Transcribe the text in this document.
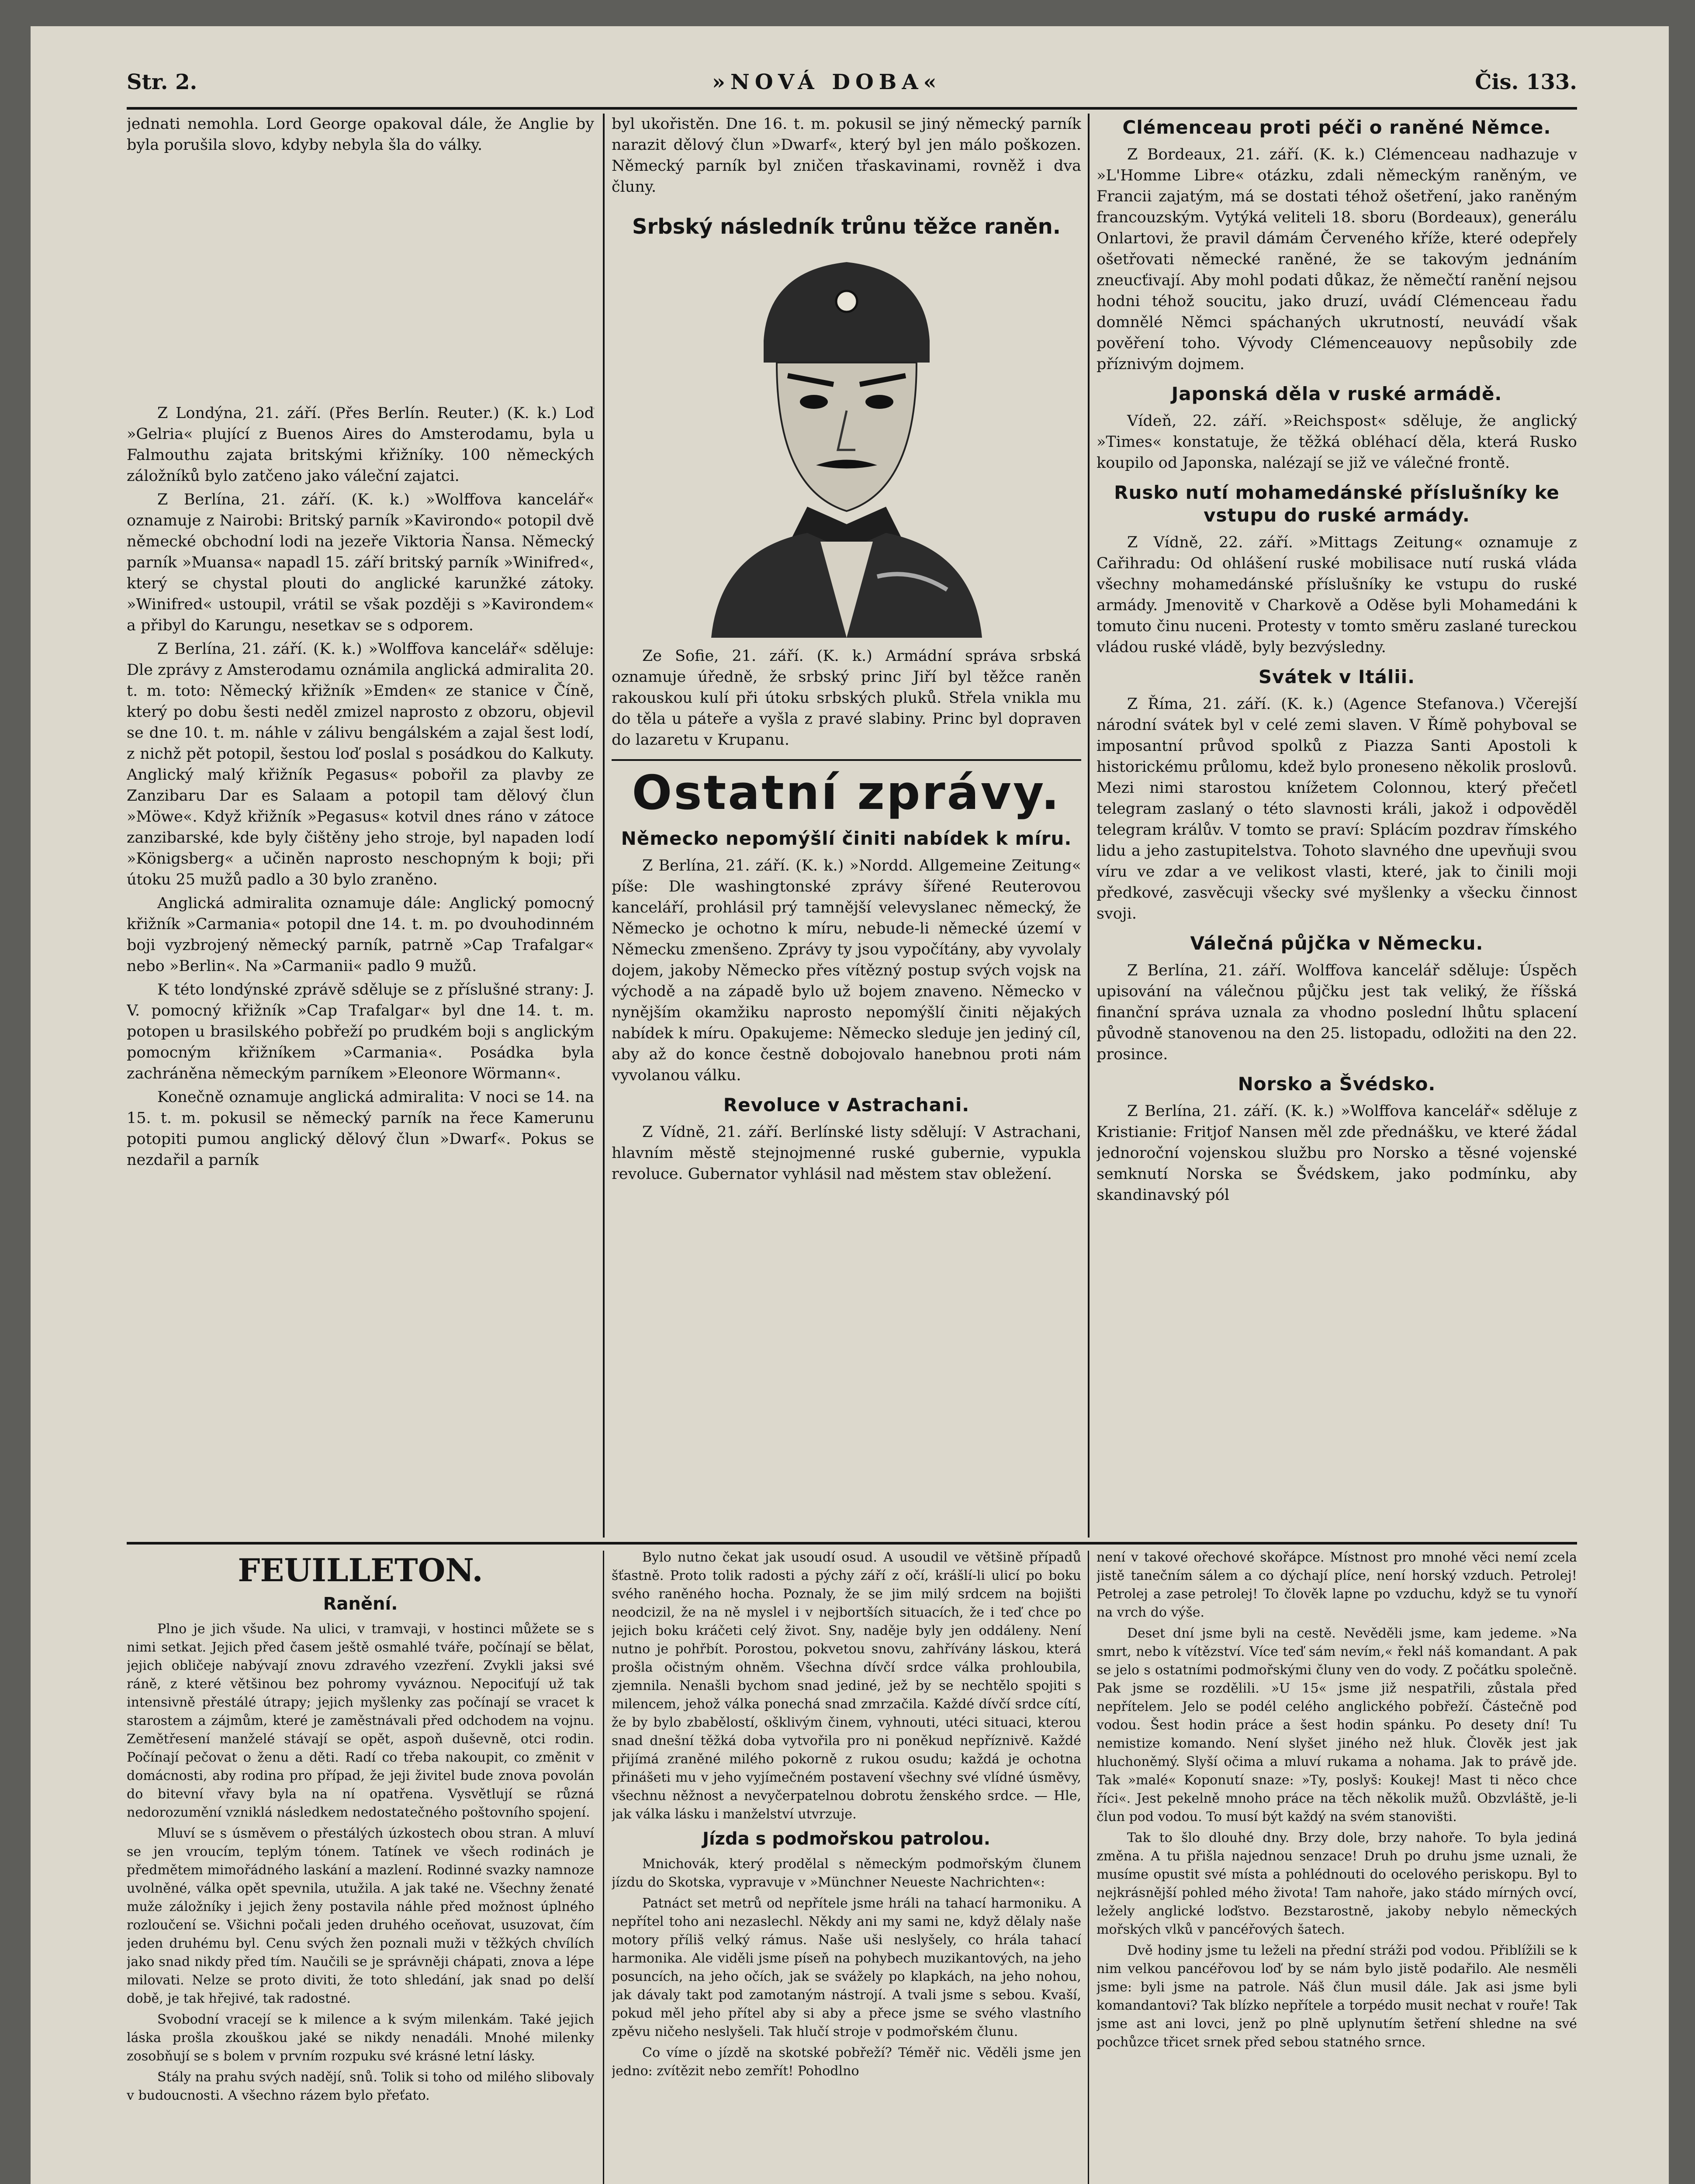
Str. 2.	»NOVÁ DOBA«	Čis. 133.

jednati nemohla. Lord George opakoval dále, že Anglie by byla porušila slovo, kdyby nebyla šla do války.

Z Londýna, 21. září. (Přes Berlín. Reuter.) (K. k.) Loď »Gelria« plující z Buenos Aires do Amsterodamu, byla u Falmouthu zajata britskými křižníky. 100 německých záložníků bylo zatčeno jako váleční zajatci.

Z Berlína, 21. září. (K. k.) »Wolffova kancelář« oznamuje z Nairobi: Britský parník »Kavirondo« potopil dvě německé obchodní lodi na jezeře Viktoria Ňansa. Německý parník »Muansa« napadl 15. září britský parník »Winifred«, který se chystal plouti do anglické karunžké zátoky. »Winifred« ustoupil, vrátil se však později s »Kavirondem« a přibyl do Karungu, nesetkav se s odporem.

Z Berlína, 21. září. (K. k.) »Wolffova kancelář« sděluje: Dle zprávy z Amsterodamu oznámila anglická admiralita 20. t. m. toto: Německý křižník »Emden« ze stanice v Číně, který po dobu šesti neděl zmizel naprosto z obzoru, objevil se dne 10. t. m. náhle v zálivu bengálském a zajal šest lodí, z nichž pět potopil, šestou loď poslal s posádkou do Kalkuty. Anglický malý křižník Pegasus« pobořil za plavby ze Zanzibaru Dar es Salaam a potopil tam dělový člun »Möwe«. Když křižník »Pegasus« kotvil dnes ráno v zátoce zanzibarské, kde byly čištěny jeho stroje, byl napaden lodí »Königsberg« a učiněn naprosto neschopným k boji; při útoku 25 mužů padlo a 30 bylo zraněno.

Anglická admiralita oznamuje dále: Anglický pomocný křižník »Carmania« potopil dne 14. t. m. po dvouhodinném boji vyzbrojený německý parník, patrně »Cap Trafalgar« nebo »Berlin«. Na »Carmanii« padlo 9 mužů.

K této londýnské zprávě sděluje se z příslušné strany: J. V. pomocný křižník »Cap Trafalgar« byl dne 14. t. m. potopen u brasilského pobřeží po prudkém boji s anglickým pomocným křižníkem »Carmania«. Posádka byla zachráněna německým parníkem »Eleonore Wörmann«.

Konečně oznamuje anglická admiralita: V noci se 14. na 15. t. m. pokusil se německý parník na řece Kamerunu potopiti pumou anglický dělový člun »Dwarf«. Pokus se nezdařil a parník

byl ukořistěn. Dne 16. t. m. pokusil se jiný německý parník narazit dělový člun »Dwarf«, který byl jen málo poškozen. Německý parník byl zničen třaskavinami, rovněž i dva čluny.

Srbský následník trůnu těžce raněn.

Ze Sofie, 21. září. (K. k.) Armádní správa srbská oznamuje úředně, že srbský princ Jiří byl těžce raněn rakouskou kulí při útoku srbských pluků. Střela vnikla mu do těla u páteře a vyšla z pravé slabiny. Princ byl dopraven do lazaretu v Krupanu.

Ostatní zprávy.
Německo nepomýšlí činiti nabídek k míru.

Z Berlína, 21. září. (K. k.) »Nordd. Allgemeine Zeitung« píše: Dle washingtonské zprávy šířené Reuterovou kanceláří, prohlásil prý tamnější velevyslanec německý, že Německo je ochotno k míru, nebude-li německé území v Německu zmenšeno. Zprávy ty jsou vypočítány, aby vyvolaly dojem, jakoby Německo přes vítězný postup svých vojsk na východě a na západě bylo už bojem znaveno. Německo v nynějším okamžiku naprosto nepomýšlí činiti nějakých nabídek k míru. Opakujeme: Německo sleduje jen jediný cíl, aby až do konce čestně dobojovalo hanebnou proti nám vyvolanou válku.

Revoluce v Astrachani.

Z Vídně, 21. září. Berlínské listy sdělují: V Astrachani, hlavním městě stejnojmenné ruské gubernie, vypukla revoluce. Gubernator vyhlásil nad městem stav obležení.

Clémenceau proti péči o raněné Němce.

Z Bordeaux, 21. září. (K. k.) Clémenceau nadhazuje v »L'Homme Libre« otázku, zdali německým raněným, ve Francii zajatým, má se dostati téhož ošetření, jako raněným francouzským. Vytýká veliteli 18. sboru (Bordeaux), generálu Onlartovi, že pravil dámám Červeného kříže, které odepřely ošetřovati německé raněné, že se takovým jednáním zneucťivají. Aby mohl podati důkaz, že němečtí ranění nejsou hodni téhož soucitu, jako druzí, uvádí Clémenceau řadu domnělé Němci spáchaných ukrutností, neuvádí však pověření toho. Vývody Clémenceauovy nepůsobily zde příznivým dojmem.

Japonská děla v ruské armádě.

Vídeň, 22. září. »Reichspost« sděluje, že anglický »Times« konstatuje, že těžká obléhací děla, která Rusko koupilo od Japonska, nalézají se již ve válečné frontě.

Rusko nutí mohamedánské příslušníky ke vstupu do ruské armády.

Z Vídně, 22. září. »Mittags Zeitung« oznamuje z Cařihradu: Od ohlášení ruské mobilisace nutí ruská vláda všechny mohamedánské příslušníky ke vstupu do ruské armády. Jmenovitě v Charkově a Oděse byli Mohamedáni k tomuto činu nuceni. Protesty v tomto směru zaslané tureckou vládou ruské vládě, byly bezvýsledny.

Svátek v Itálii.

Z Říma, 21. září. (K. k.) (Agence Stefanova.) Včerejší národní svátek byl v celé zemi slaven. V Římě pohyboval se imposantní průvod spolků z Piazza Santi Apostoli k historickému průlomu, kdež bylo proneseno několik proslovů. Mezi nimi starostou knížetem Colonnou, který přečetl telegram zaslaný o této slavnosti králi, jakož i odpověděl telegram králův. V tomto se praví: Splácím pozdrav římského lidu a jeho zastupitelstva. Tohoto slavného dne upevňuji svou víru ve zdar a ve velikost vlasti, které, jak to činili moji předkové, zasvěcuji všecky své myšlenky a všecku činnost svoji.

Válečná půjčka v Německu.

Z Berlína, 21. září. Wolffova kancelář sděluje: Úspěch upisování na válečnou půjčku jest tak veliký, že říšská finanční správa uznala za vhodno poslední lhůtu splacení původně stanovenou na den 25. listopadu, odložiti na den 22. prosince.

Norsko a Švédsko.

Z Berlína, 21. září. (K. k.) »Wolffova kancelář« sděluje z Kristianie: Fritjof Nansen měl zde přednášku, ve které žádal jednoroční vojenskou službu pro Norsko a těsné vojenské semknutí Norska se Švédskem, jako podmínku, aby skandinavský pól

FEUILLETON.
Ranění.

Plno je jich všude. Na ulici, v tramvaji, v hostinci můžete se s nimi setkat. Jejich před časem ještě osmahlé tváře, počínají se bělat, jejich obličeje nabývají znovu zdravého vzezření. Zvykli jaksi své ráně, z které většinou bez pohromy vyváznou. Nepociťují už tak intensivně přestálé útrapy; jejich myšlenky zas počínají se vracet k starostem a zájmům, které je zaměstnávali před odchodem na vojnu. Zemětřesení manželé stávají se opět, aspoň duševně, otci rodin. Počínají pečovat o ženu a děti. Radí co třeba nakoupit, co změnit v domácnosti, aby rodina pro případ, že jeji živitel bude znova povolán do bitevní vřavy byla na ní opatřena. Vysvětlují se různá nedorozumění vzniklá následkem nedostatečného poštovního spojení.

Mluví se s úsměvem o přestálých úzkostech obou stran. A mluví se jen vroucím, teplým tónem. Tatínek ve všech rodinách je předmětem mimořádného laskání a mazlení. Rodinné svazky namnoze uvolněné, válka opět spevnila, utužila. A jak také ne. Všechny ženaté muže záložníky i jejich ženy postavila náhle před možnost úplného rozloučení se. Všichni počali jeden druhého oceňovat, usuzovat, čím jeden druhému byl. Cenu svých žen poznali muži v těžkých chvílích jako snad nikdy před tím. Naučili se je správněji chápati, znova a lépe milovati. Nelze se proto diviti, že toto shledání, jak snad po delší době, je tak hřejivé, tak radostné.

Svobodní vracejí se k milence a k svým milenkám. Také jejich láska prošla zkouškou jaké se nikdy nenadáli. Mnohé milenky zosobňují se s bolem v prvním rozpuku své krásné letní lásky.

Stály na prahu svých nadějí, snů. Tolik si toho od milého slibovaly v budoucnosti. A všechno rázem bylo přeťato.

Bylo nutno čekat jak usoudí osud. A usoudil ve většině případů šťastně. Proto tolik radosti a pýchy září z očí, krášlí-li ulicí po boku svého raněného hocha. Poznaly, že se jim milý srdcem na bojišti neodcizil, že na ně myslel i v nejbortších situacích, že i teď chce po jejich boku kráčeti celý život. Sny, naděje byly jen oddáleny. Není nutno je pohřbít. Porostou, pokvetou snovu, zahřívány láskou, která prošla očistným ohněm. Všechna dívčí srdce válka prohloubila, zjemnila. Nenašli bychom snad jediné, jež by se nechtělo spojiti s milencem, jehož válka ponechá snad zmrzačila. Každé dívčí srdce cítí, že by bylo zbabělostí, ošklivým činem, vyhnouti, utéci situaci, kterou snad dnešní těžká doba vytvořila pro ni poněkud nepříznivě. Každé přijímá zraněné milého pokorně z rukou osudu; každá je ochotna přinášeti mu v jeho vyjímečném postavení všechny své vlídné úsměvy, všechnu něžnost a nevyčerpatelnou dobrotu ženského srdce. — Hle, jak válka lásku i manželství utvrzuje.

Jízda s podmořskou patrolou.

Mnichovák, který prodělal s německým podmořským člunem jízdu do Skotska, vypravuje v »Münchner Neueste Nachrichten«:

Patnáct set metrů od nepřítele jsme hráli na tahací harmoniku. A nepřítel toho ani nezaslechl. Někdy ani my sami ne, když dělaly naše motory příliš velký rámus. Naše uši neslyšely, co hrála tahací harmonika. Ale viděli jsme píseň na pohybech muzikantových, na jeho posuncích, na jeho očích, jak se svážely po klapkách, na jeho nohou, jak dávaly takt pod zamotaným nástrojí. A tvali jsme s sebou. Kvaší, pokud měl jeho přítel aby si aby a přece jsme se svého vlastního zpěvu ničeho neslyšeli. Tak hlučí stroje v podmořském člunu.

Co víme o jízdě na skotské pobřeží? Téměř nic. Věděli jsme jen jedno: zvítězit nebo zemřít! Pohodlno

není v takové ořechové skořápce. Místnost pro mnohé věci nemí zcela jistě tanečním sálem a co dýchají plíce, není horský vzduch. Petrolej! Petrolej a zase petrolej! To člověk lapne po vzduchu, když se tu vynoří na vrch do výše.

Deset dní jsme byli na cestě. Nevěděli jsme, kam jedeme. »Na smrt, nebo k vítězství. Více teď sám nevím,« řekl náš komandant. A pak se jelo s ostatními podmořskými čluny ven do vody. Z počátku společně. Pak jsme se rozdělili. »U 15« jsme již nespatřili, zůstala před nepřítelem. Jelo se podél celého anglického pobřeží. Částečně pod vodou. Šest hodin práce a šest hodin spánku. Po desety dní! Tu nemistize komando. Není slyšet jiného než hluk. Člověk jest jak hluchoněmý. Slyší očima a mluví rukama a nohama. Jak to právě jde. Tak »malé« Koponutí snaze: »Ty, poslyš: Koukej! Mast ti něco chce říci«. Jest pekelně mnoho práce na těch několik mužů. Obzvláště, je-li člun pod vodou. To musí být každý na svém stanovišti.

Tak to šlo dlouhé dny. Brzy dole, brzy nahoře. To byla jediná změna. A tu přišla najednou senzace! Druh po druhu jsme uznali, že musíme opustit své místa a pohlédnouti do ocelového periskopu. Byl to nejkrásnější pohled mého života! Tam nahoře, jako stádo mírných ovcí, ležely anglické loďstvo. Bezstarostně, jakoby nebylo německých mořských vlků v pancéřových šatech.

Dvě hodiny jsme tu leželi na přední stráži pod vodou. Přiblížili se k nim velkou pancéřovou loď by se nám bylo jistě podařilo. Ale nesměli jsme: byli jsme na patrole. Náš člun musil dále. Jak asi jsme byli komandantovi? Tak blízko nepřítele a torpédo musit nechat v rouře! Tak jsme ast ani lovci, jenž po plně uplynutím šetření shledne na své pochůzce třicet srnek před sebou statného srnce.
